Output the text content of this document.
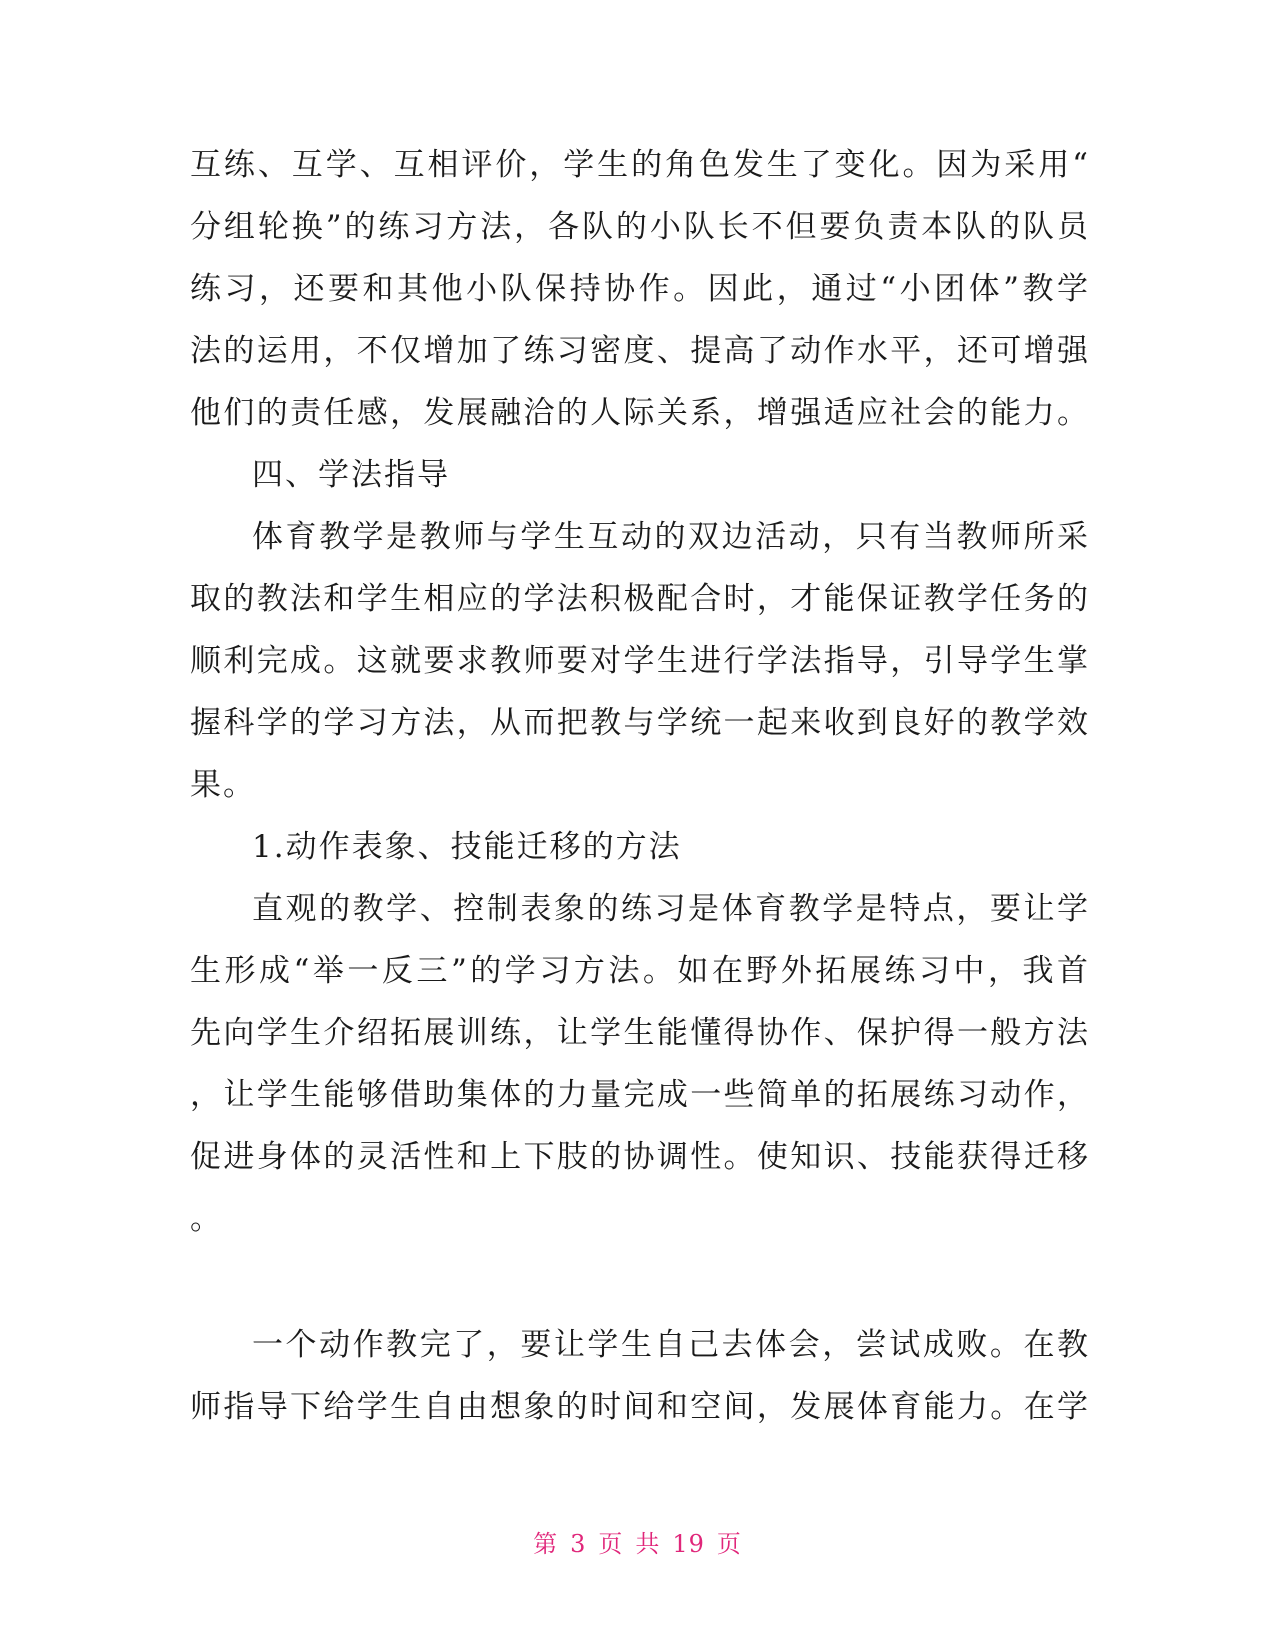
互练、互学、互相评价，学生的角色发生了变化。因为采用“
分组轮换”的练习方法，各队的小队长不但要负责本队的队员
练习，还要和其他小队保持协作。因此，通过“小团体”教学
法的运用，不仅增加了练习密度、提高了动作水平，还可增强
他们的责任感，发展融洽的人际关系，增强适应社会的能力。
四、学法指导
体育教学是教师与学生互动的双边活动，只有当教师所采
取的教法和学生相应的学法积极配合时，才能保证教学任务的
顺利完成。这就要求教师要对学生进行学法指导，引导学生掌
握科学的学习方法，从而把教与学统一起来收到良好的教学效
果。
1.动作表象、技能迁移的方法
直观的教学、控制表象的练习是体育教学是特点，要让学
生形成“举一反三”的学习方法。如在野外拓展练习中，我首
先向学生介绍拓展训练，让学生能懂得协作、保护得一般方法
，让学生能够借助集体的力量完成一些简单的拓展练习动作，
促进身体的灵活性和上下肢的协调性。使知识、技能获得迁移
。
一个动作教完了，要让学生自己去体会，尝试成败。在教
师指导下给学生自由想象的时间和空间，发展体育能力。在学
第 3 页 共 19 页
